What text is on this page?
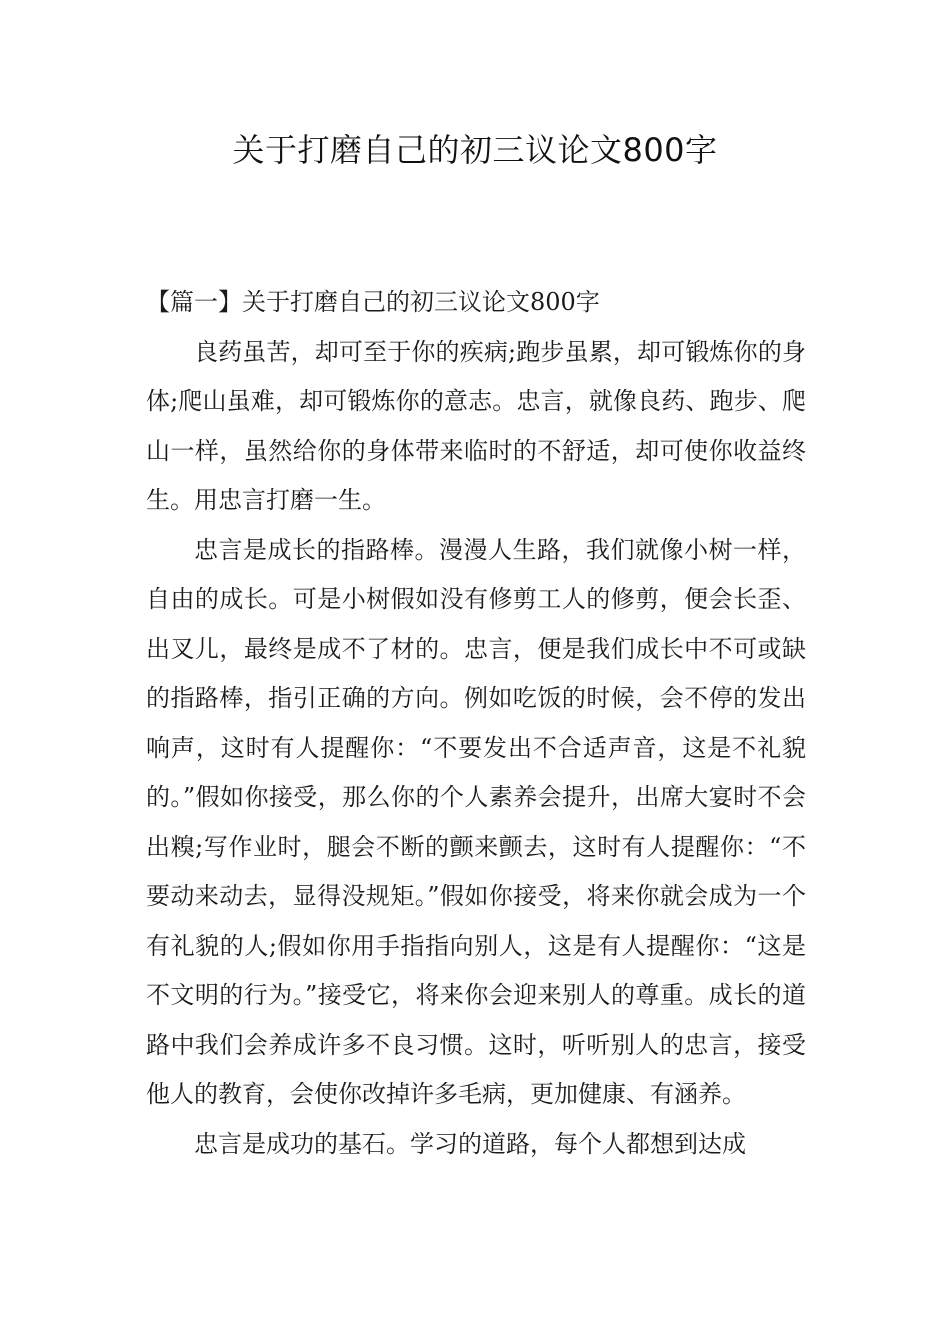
关于打磨自己的初三议论文800字
【篇一】关于打磨自己的初三议论文800字

良药虽苦，却可至于你的疾病;跑步虽累，却可锻炼你的身体;爬山虽难，却可锻炼你的意志。忠言，就像良药、跑步、爬山一样，虽然给你的身体带来临时的不舒适，却可使你收益终生。用忠言打磨一生。

忠言是成长的指路棒。漫漫人生路，我们就像小树一样，自由的成长。可是小树假如没有修剪工人的修剪，便会长歪、出叉儿，最终是成不了材的。忠言，便是我们成长中不可或缺的指路棒，指引正确的方向。例如吃饭的时候，会不停的发出响声，这时有人提醒你：“不要发出不合适声音，这是不礼貌的。”假如你接受，那么你的个人素养会提升，出席大宴时不会出糗;写作业时，腿会不断的颤来颤去，这时有人提醒你：“不要动来动去，显得没规矩。”假如你接受，将来你就会成为一个有礼貌的人;假如你用手指指向别人，这是有人提醒你：“这是不文明的行为。”接受它，将来你会迎来别人的尊重。成长的道路中我们会养成许多不良习惯。这时，听听别人的忠言，接受他人的教育，会使你改掉许多毛病，更加健康、有涵养。

忠言是成功的基石。学习的道路，每个人都想到达成
